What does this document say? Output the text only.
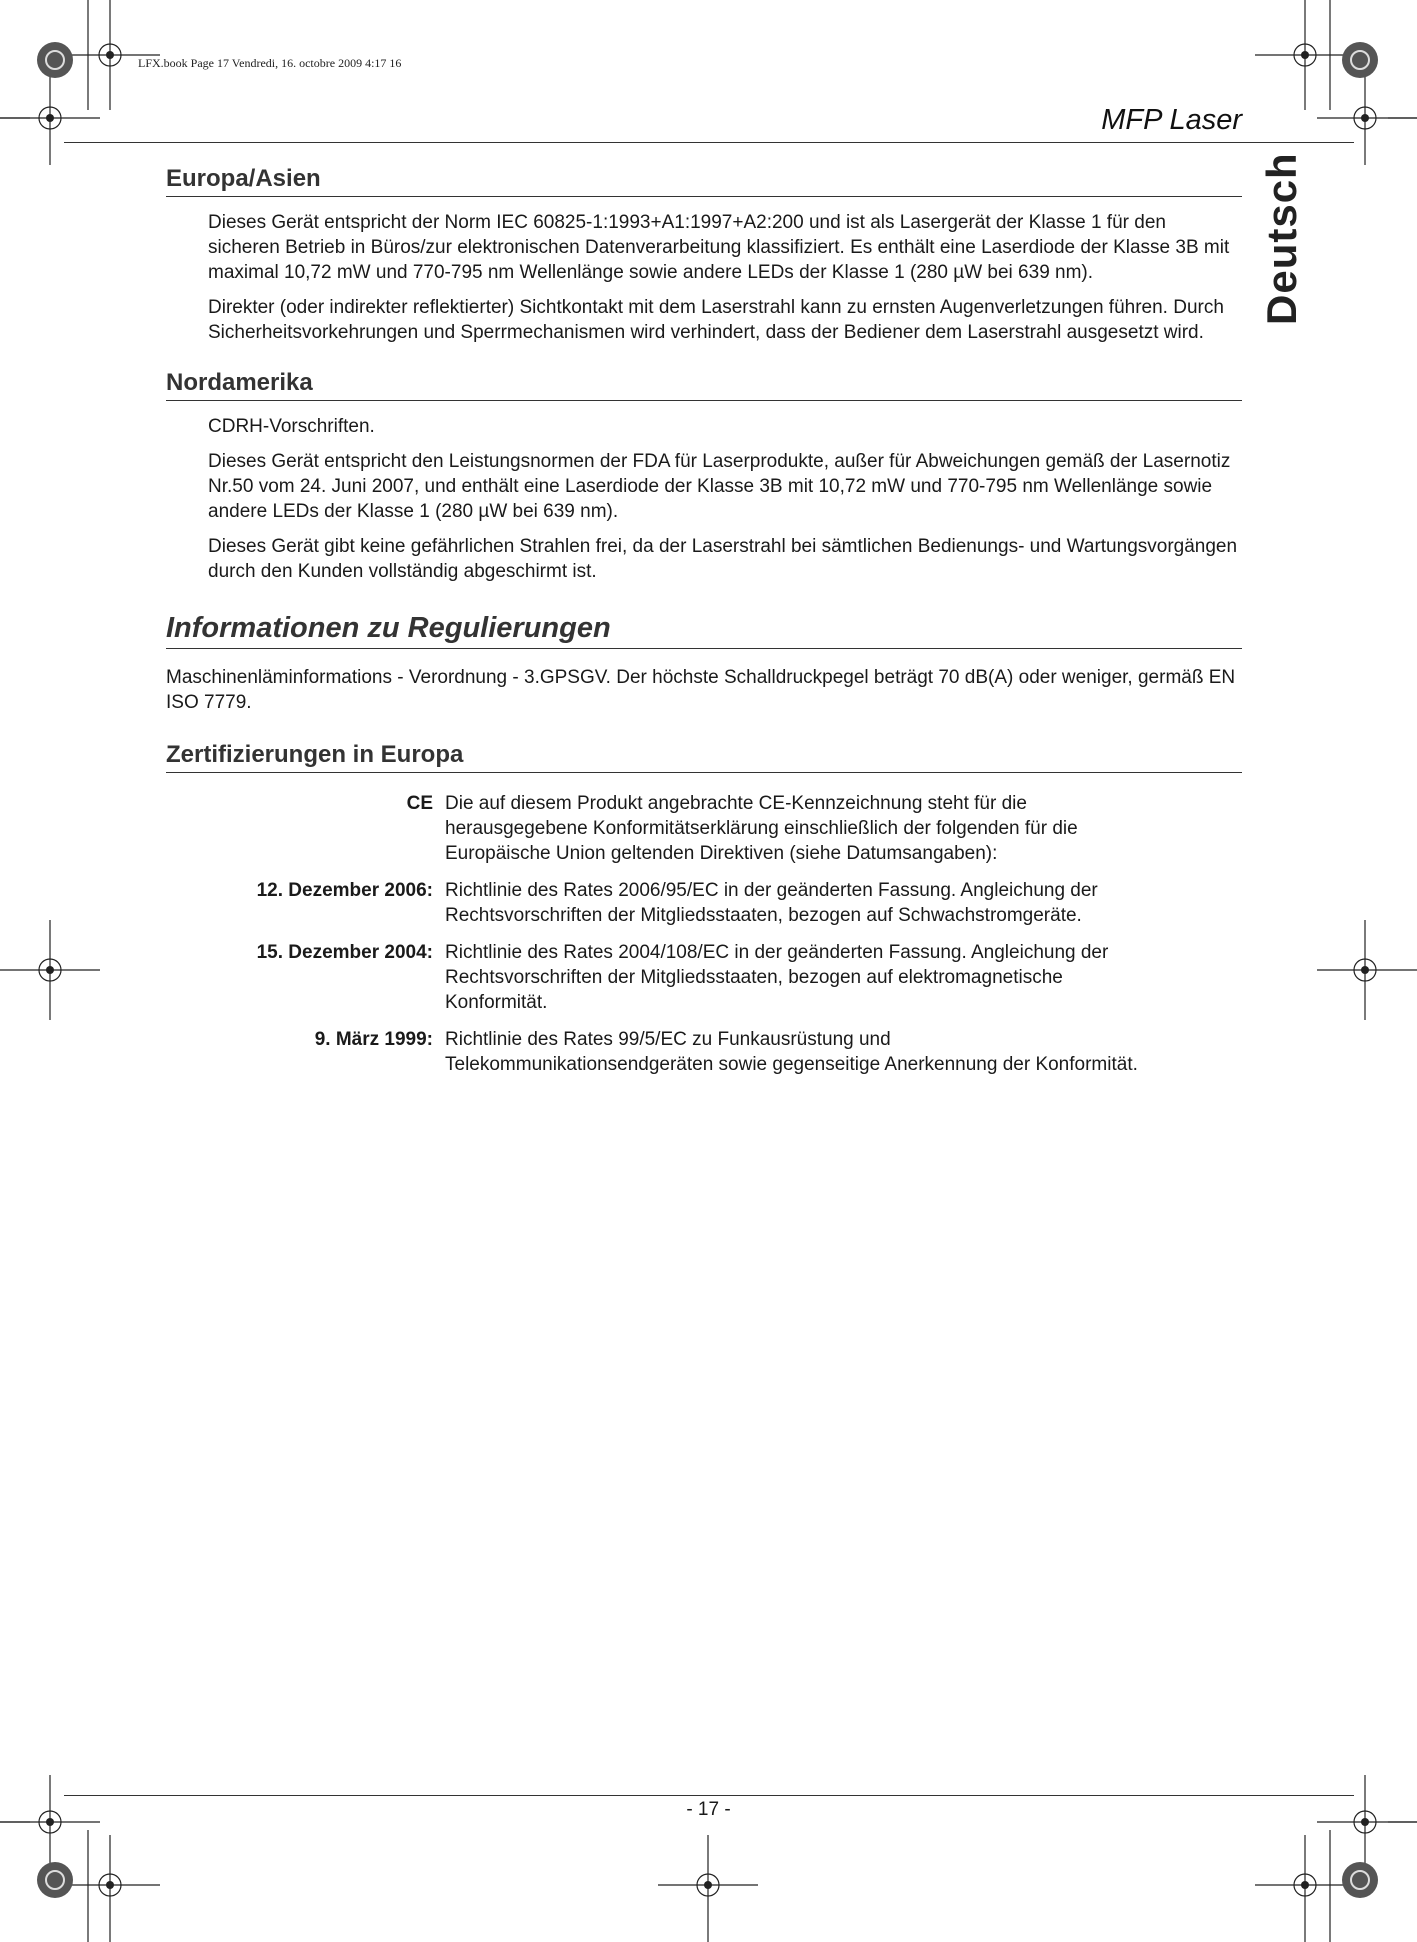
LFX.book Page 17 Vendredi, 16. octobre 2009 4:17 16
MFP Laser
Deutsch
Europa/Asien

Dieses Gerät entspricht der Norm IEC 60825-1:1993+A1:1997+A2:200 und ist als Lasergerät der Klasse 1 für den sicheren Betrieb in Büros/zur elektronischen Datenverarbeitung klassifiziert. Es enthält eine Laserdiode der Klasse 3B mit maximal 10,72 mW und 770-795 nm Wellenlänge sowie andere LEDs der Klasse 1 (280 µW bei 639 nm).

Direkter (oder indirekter reflektierter) Sichtkontakt mit dem Laserstrahl kann zu ernsten Augenverletzungen führen. Durch Sicherheitsvorkehrungen und Sperrmechanismen wird verhindert, dass der Bediener dem Laserstrahl ausgesetzt wird.

Nordamerika

CDRH-Vorschriften.

Dieses Gerät entspricht den Leistungsnormen der FDA für Laserprodukte, außer für Abweichungen gemäß der Lasernotiz Nr.50 vom 24. Juni 2007, und enthält eine Laserdiode der Klasse 3B mit 10,72 mW und 770-795 nm Wellenlänge sowie andere LEDs der Klasse 1 (280 µW bei 639 nm).

Dieses Gerät gibt keine gefährlichen Strahlen frei, da der Laserstrahl bei sämtlichen Bedienungs- und Wartungsvorgängen durch den Kunden vollständig abgeschirmt ist.

Informationen zu Regulierungen

Maschinenläminformations - Verordnung - 3.GPSGV. Der höchste Schalldruckpegel beträgt 70 dB(A) oder weniger, germäß EN ISO 7779.

Zertifizierungen in Europa
CE Die auf diesem Produkt angebrachte CE-Kennzeichnung steht für die herausgegebene Konformitätserklärung einschließlich der folgenden für die Europäische Union geltenden Direktiven (siehe Datumsangaben):
12. Dezember 2006: Richtlinie des Rates 2006/95/EC in der geänderten Fassung. Angleichung der Rechtsvorschriften der Mitgliedsstaaten, bezogen auf Schwachstromgeräte.
15. Dezember 2004: Richtlinie des Rates 2004/108/EC in der geänderten Fassung. Angleichung der Rechtsvorschriften der Mitgliedsstaaten, bezogen auf elektromagnetische Konformität.
9. März 1999: Richtlinie des Rates 99/5/EC zu Funkausrüstung und Telekommunikationsendgeräten sowie gegenseitige Anerkennung der Konformität.
- 17 -
